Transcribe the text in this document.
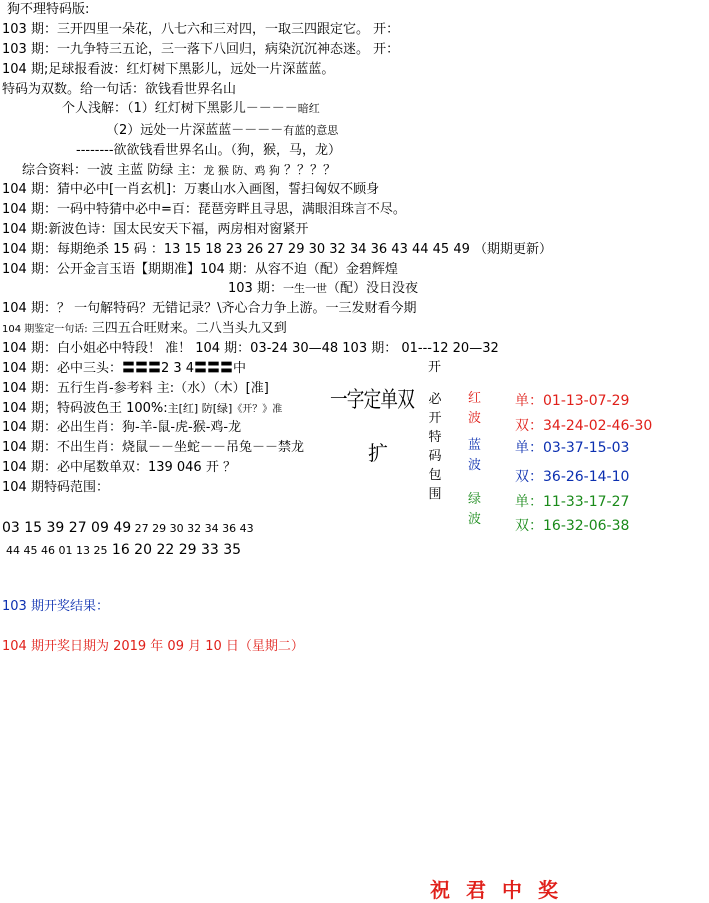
狗不理特码版:
103 期：三开四里一朵花，八七六和三对四，一取三四跟定它。 开：
103 期：一九争特三五论，三一落下八回归，病染沉沉神态迷。 开：
104 期;足球报看波：红灯树下黑影儿，远处一片深蓝蓝。
特码为双数。给一句话：欲钱看世界名山
个人浅解：（1）红灯树下黑影儿－－－－暗红
（2）远处一片深蓝蓝－－－－有蓝的意思
--------欲欲钱看世界名山。（狗，猴，马，龙）
综合资料：一波 主蓝 防绿 主：龙 猴 防、鸡 狗 ？？？？
104 期：猜中必中[一肖玄机]：万裹山水入画图，誓扫匈奴不顾身
104 期：一码中特猜中必中=百：琵琶旁畔且寻思，满眼泪珠言不尽。
104 期:新波色诗：国太民安天下福，两房相对窗紧开
104 期：每期绝杀 15 码 ：13 15 18 23 26 27 29 30 32 34 36 43 44 45 49 （期期更新）
104 期：公开金言玉语【期期准】104 期：从容不迫（配）金碧辉煌
103 期：一生一世（配）没日没夜
104 期：？ 一句解特码？无错记录？\齐心合力争上游。一三发财看今期
104 期鉴定一句话: 三四五合旺财来。二八当头九又到
104 期：白小姐必中特段！ 准！ 104 期：03-24 30—48 103 期： 01---12 20—32
开
104 期：必中三头：〓〓〓2 3 4〓〓〓中
104 期：五行生肖-参考料 主:（水）（木）[准]
104 期；特码波色王 100%:主[红] 防[绿]《开？》准
104 期：必出生肖：狗-羊-鼠-虎-猴-鸡-龙
104 期：不出生肖：烧鼠－－坐蛇－－吊兔－－禁龙
104 期：必中尾数单双：139 046 开 ？
104 期特码范围：
一字定单双
扩
必
开
特
码
包
围
红
波
单：01-13-07-29
双：34-24-02-46-30
蓝
波
单：03-37-15-03
双：36-26-14-10
绿
波
单：11-33-17-27
双：16-32-06-38
03 15 39 27 09 49 27 29 30 32 34 36 43
44 45 46 01 13 25 16 20 22 29 33 35
103 期开奖结果：
104 期开奖日期为 2019 年 09 月 10 日（星期二）
祝君中奖
